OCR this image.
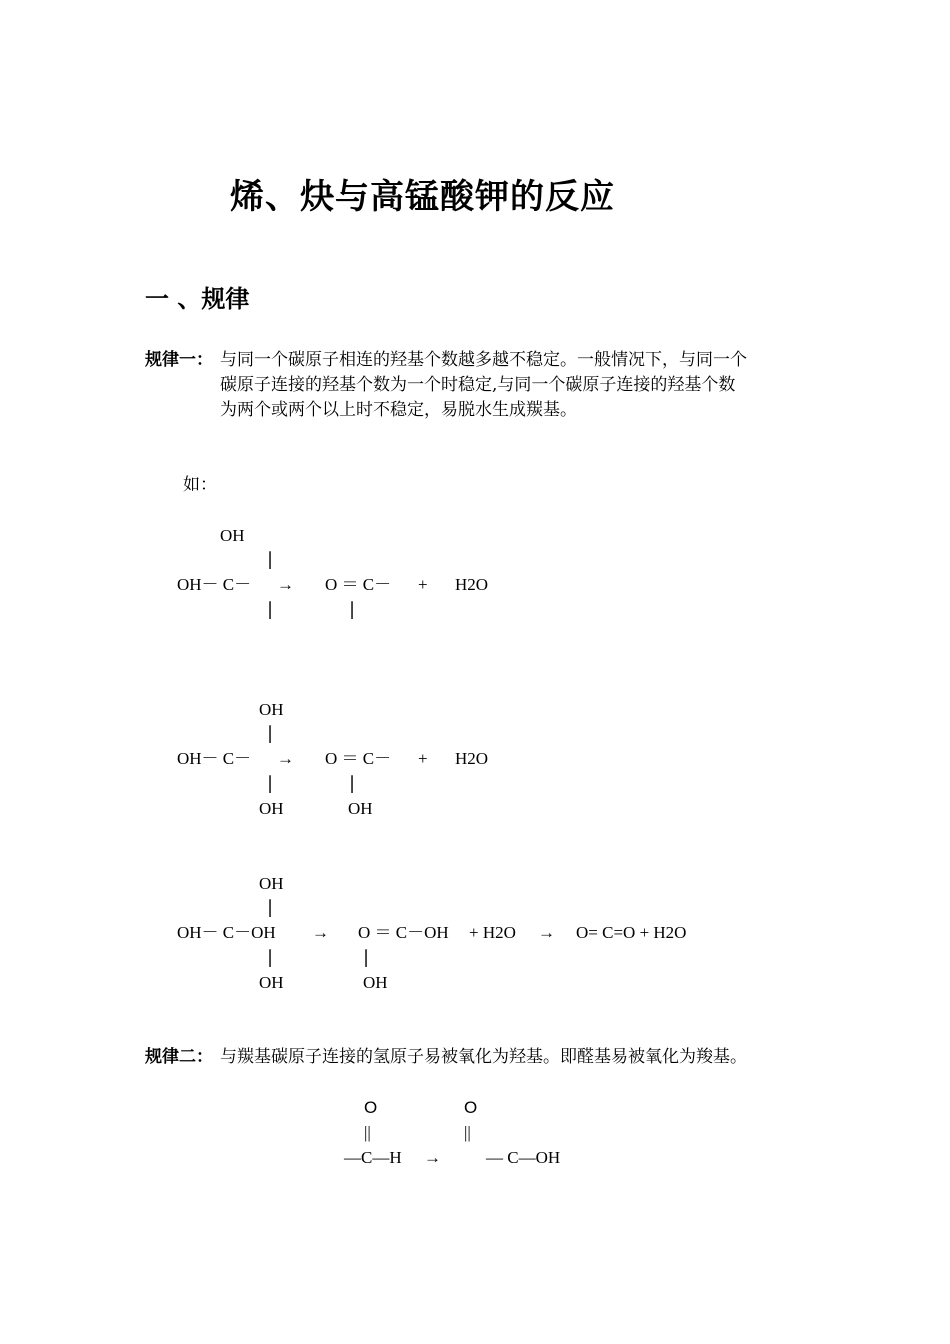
烯、炔与高锰酸钾的反应
一 、规律
规律一： 与同一个碳原子相连的羟基个数越多越不稳定。一般情况下，与同一个
碳原子连接的羟基个数为一个时稳定,与同一个碳原子连接的羟基个数
为两个或两个以上时不稳定，易脱水生成羰基。
如：
OH
|
OH－ C－ → O ＝ C－ + H2O
|	|
OH
|
OH－ C－ → O ＝ C－ + H2O
|	|
OH	OH
OH
|
OH－ C－OH → O ＝ C－OH + H2O → O= C=O + H2O
|	|
OH	OH
规律二： 与羰基碳原子连接的氢原子易被氧化为羟基。即醛基易被氧化为羧基。
O	O
||	||
—C—H →	— C—OH
